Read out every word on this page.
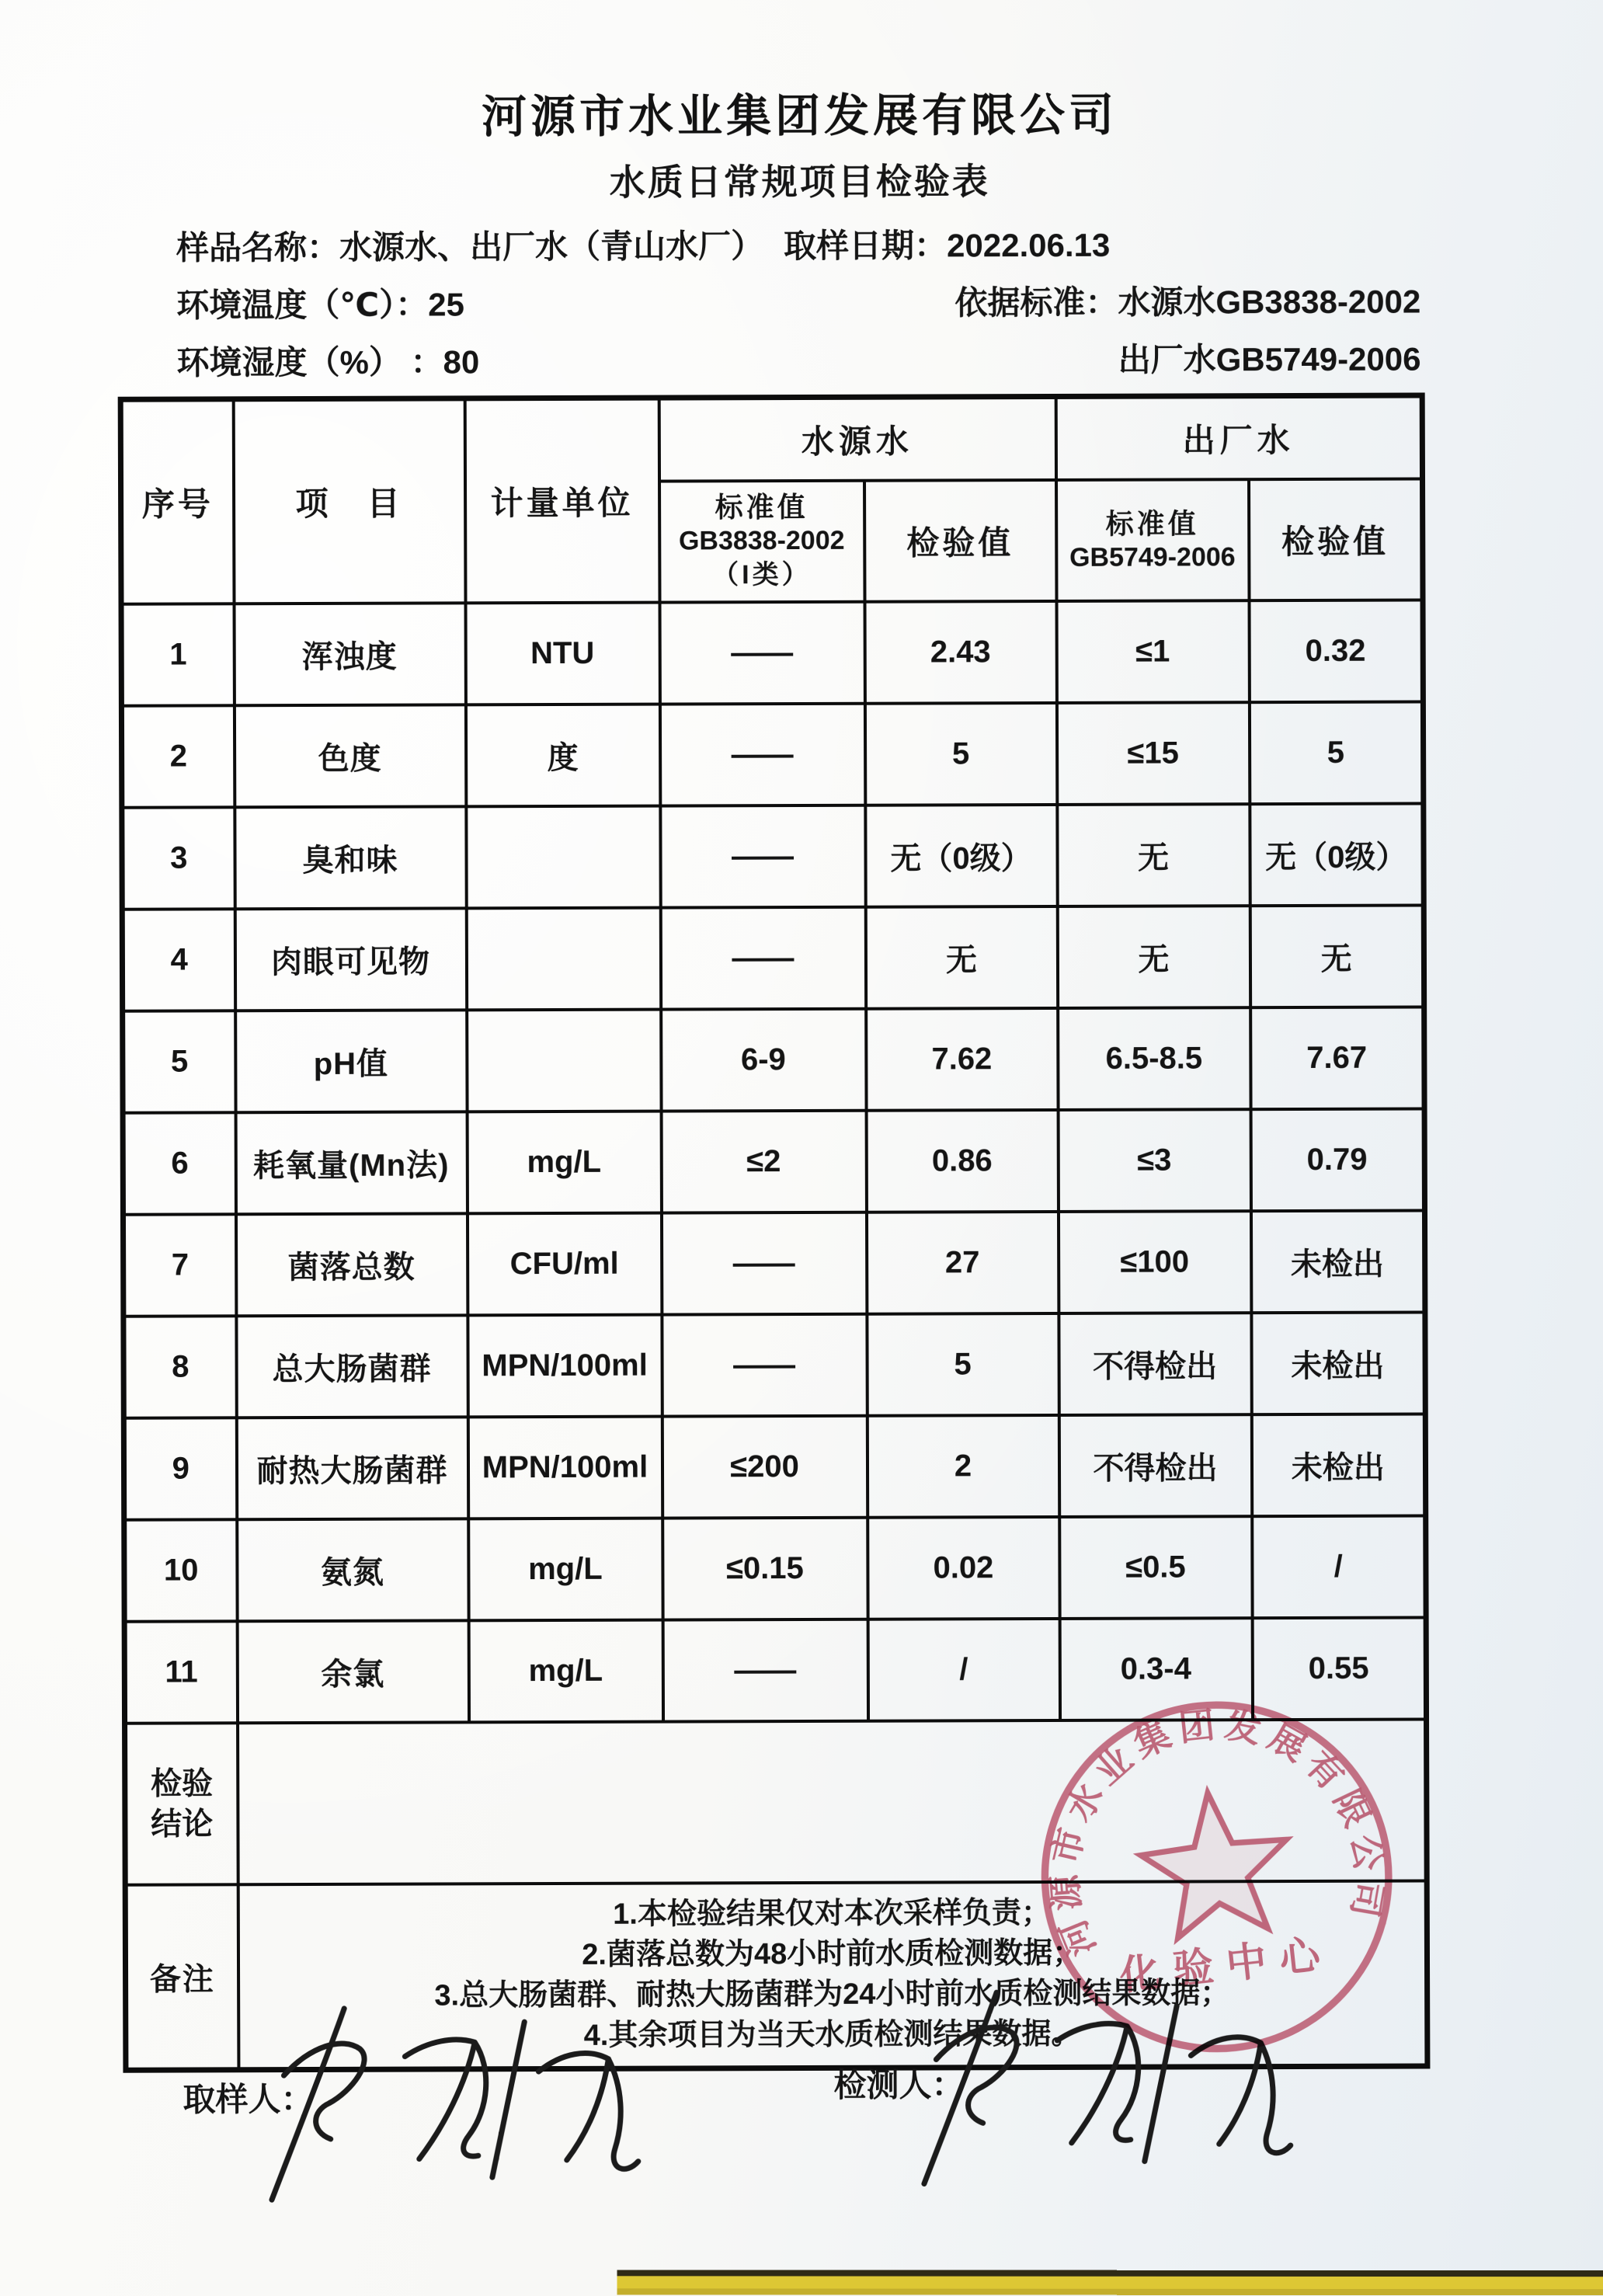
河源市水业集团发展有限公司
水质日常规项目检验表
样品名称：水源水、出厂水（青山水厂） 取样日期：2022.06.13
环境温度（℃）：25	依据标准：水源水GB3838-2002
环境湿度（%） ：80	出厂水GB5749-2006
序号	项　目	计量单位	水源水		出厂水	

			标准值
GB3838-2002
（I类）	检验值	标准值
GB5749-2006	检验值
1	浑浊度	NTU	——	2.43	≤1	0.32
2	色度	度	——	5	≤15	5
3	臭和味		——	无（0级）	无	无（0级）
4	肉眼可见物		——	无	无	无
5	pH值		6-9	7.62	6.5-8.5	7.67
6	耗氧量(Mn法)	mg/L	≤2	0.86	≤3	0.79
7	菌落总数	CFU/ml	——	27	≤100	未检出
8	总大肠菌群	MPN/100ml	——	5	不得检出	未检出
9	耐热大肠菌群	MPN/100ml	≤200	2	不得检出	未检出
10	氨氮	mg/L	≤0.15	0.02	≤0.5	/
11	余氯	mg/L	——	/	0.3-4	0.55
检验
结论						
备注	1.本检验结果仅对本次采样负责；
2.菌落总数为48小时前水质检测数据；
3.总大肠菌群、耐热大肠菌群为24小时前水质检测结果数据；
4.其余项目为当天水质检测结果数据。					
取样人：	检测人：
河源市水业集团发展有限公司
化验中心
